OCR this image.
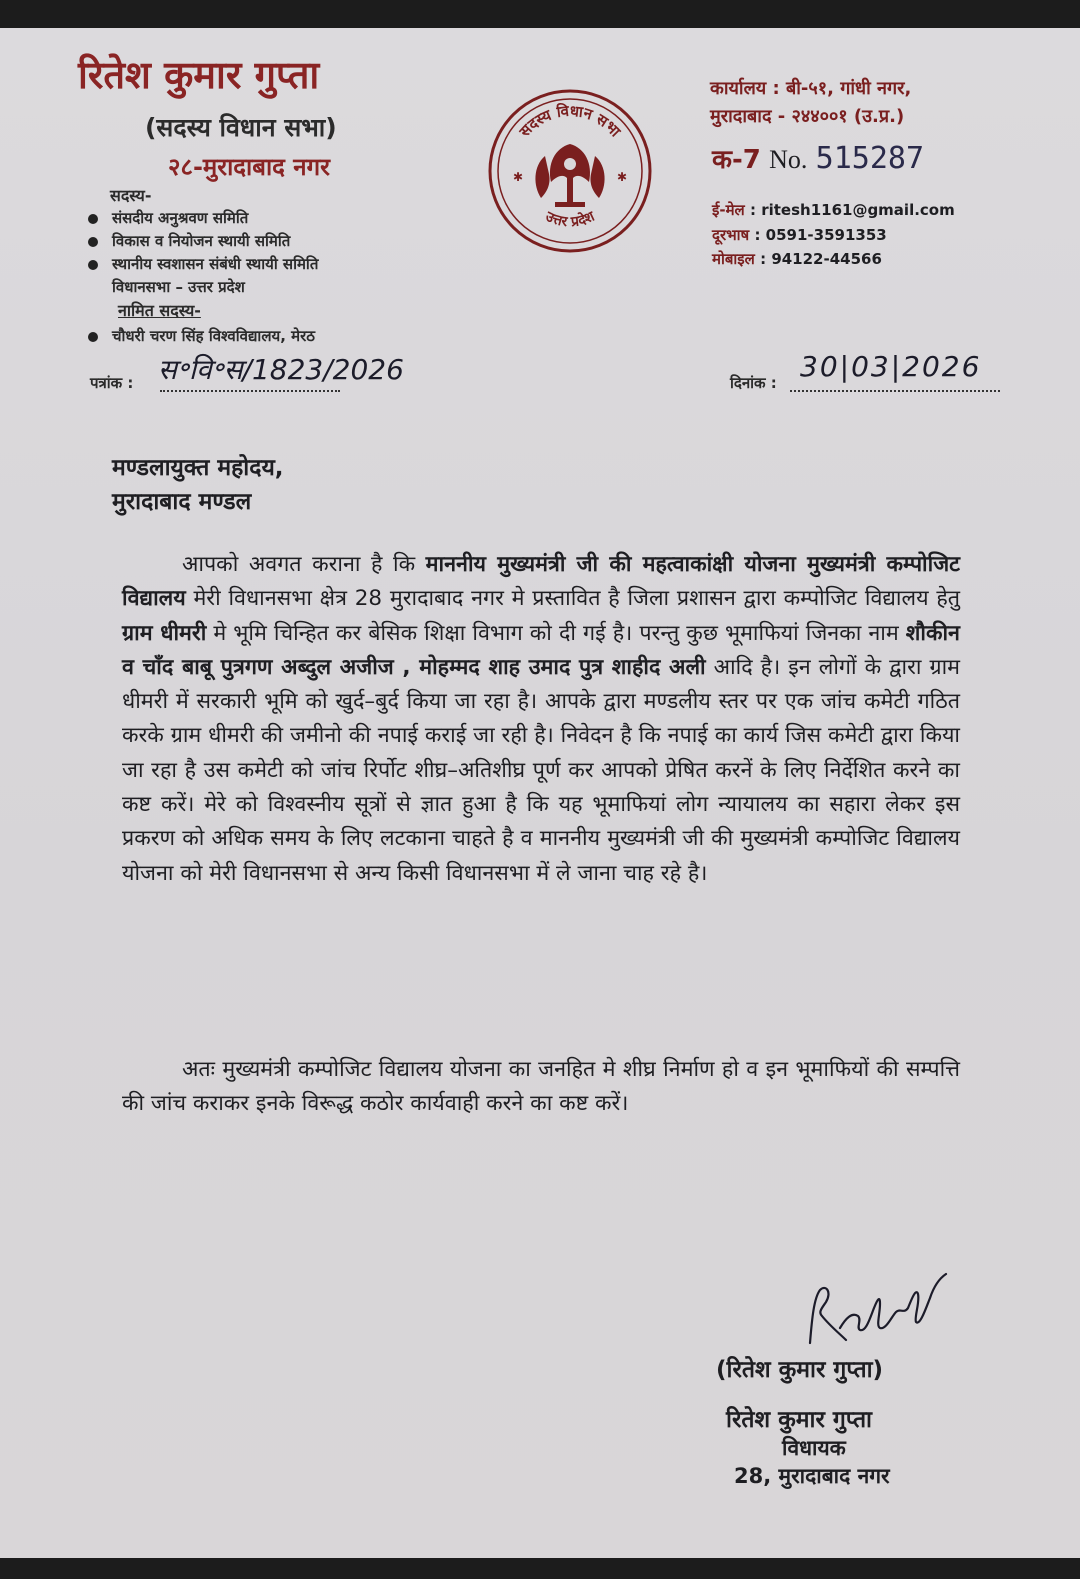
रितेश कुमार गुप्ता
(सदस्य विधान सभा)
२८-मुरादाबाद नगर
सदस्य-
संसदीय अनुश्रवण समिति
विकास व नियोजन स्थायी समिति
स्थानीय स्वशासन संबंधी स्थायी समिति
विधानसभा – उत्तर प्रदेश
नामित सदस्य-
चौधरी चरण सिंह विश्वविद्यालय, मेरठ
सदस्य विधान सभा
उत्तर प्रदेश
✱	✱
कार्यालय : बी-५१, गांधी नगर,
मुरादाबाद - २४४००१ (उ.प्र.)
क-7 No. 515287
ई-मेल : ritesh1161@gmail.com
दूरभाष : 0591-3591353
मोबाइल : 94122-44566
पत्रांक : स॰वि॰स/1823/2026	दिनांक : 30|03|2026
मण्डलायुक्त महोदय,
मुरादाबाद मण्डल
आपको अवगत कराना है कि माननीय मुख्यमंत्री जी की महत्वाकांक्षी योजना मुख्यमंत्री कम्पोजिट विद्यालय मेरी विधानसभा क्षेत्र 28 मुरादाबाद नगर मे प्रस्तावित है जिला प्रशासन द्वारा कम्पोजिट विद्यालय हेतु ग्राम धीमरी मे भूमि चिन्हित कर बेसिक शिक्षा विभाग को दी गई है। परन्तु कुछ भूमाफियां जिनका नाम शौकीन व चाँद बाबू पुत्रगण अब्दुल अजीज , मोहम्मद शाह उमाद पुत्र शाहीद अली आदि है। इन लोगों के द्वारा ग्राम धीमरी में सरकारी भूमि को खुर्द–बुर्द किया जा रहा है। आपके द्वारा मण्डलीय स्तर पर एक जांच कमेटी गठित करके ग्राम धीमरी की जमीनो की नपाई कराई जा रही है। निवेदन है कि नपाई का कार्य जिस कमेटी द्वारा किया जा रहा है उस कमेटी को जांच रिर्पोट शीघ्र–अतिशीघ्र पूर्ण कर आपको प्रेषित करनें के लिए निर्देशित करने का कष्ट करें। मेरे को विश्वस्नीय सूत्रों से ज्ञात हुआ है कि यह भूमाफियां लोग न्यायालय का सहारा लेकर इस प्रकरण को अधिक समय के लिए लटकाना चाहते है व माननीय मुख्यमंत्री जी की मुख्यमंत्री कम्पोजिट विद्यालय योजना को मेरी विधानसभा से अन्य किसी विधानसभा में ले जाना चाह रहे है।
अतः मुख्यमंत्री कम्पोजिट विद्यालय योजना का जनहित मे शीघ्र निर्माण हो व इन भूमाफियों की सम्पत्ति की जांच कराकर इनके विरूद्ध कठोर कार्यवाही करने का कष्ट करें।
(रितेश कुमार गुप्ता)
रितेश कुमार गुप्ता
विधायक
28, मुरादाबाद नगर
